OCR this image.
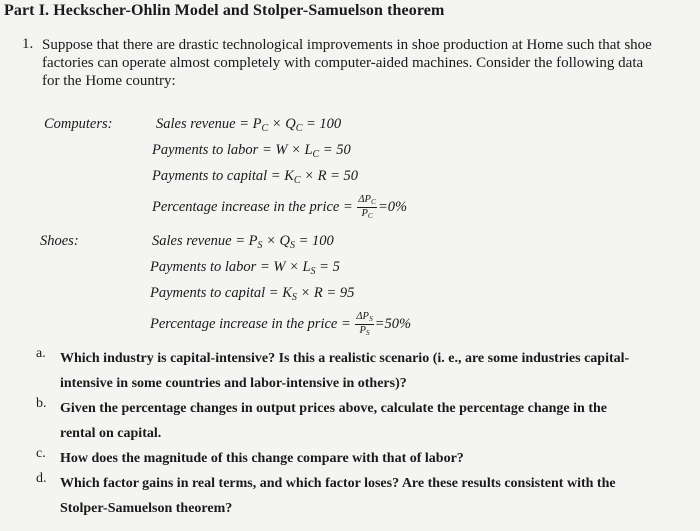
Part I. Heckscher-Ohlin Model and Stolper-Samuelson theorem
1. Suppose that there are drastic technological improvements in shoe production at Home such that shoe
factories can operate almost completely with computer-aided machines. Consider the following data
for the Home country:
Computers:	Sales revenue = $P_C \times Q_C = 100$
Payments to labor = $W \times L_C = 50$
Payments to capital = $K_C \times R = 50$
Percentage increase in the price = $\frac{\Delta P_C}{P_C} =0\%$
Shoes:	Sales revenue = $P_S \times Q_S = 100$
Payments to labor = $W \times L_S = 5$
Payments to capital = $K_S \times R = 95$
Percentage increase in the price = $\frac{\Delta P_S}{P_S} =50\%$
a. Which industry is capital-intensive? Is this a realistic scenario (i. e., are some industries capital-
intensive in some countries and labor-intensive in others)?
b. Given the percentage changes in output prices above, calculate the percentage change in the
rental on capital.
c. How does the magnitude of this change compare with that of labor?
d. Which factor gains in real terms, and which factor loses? Are these results consistent with the
Stolper-Samuelson theorem?
